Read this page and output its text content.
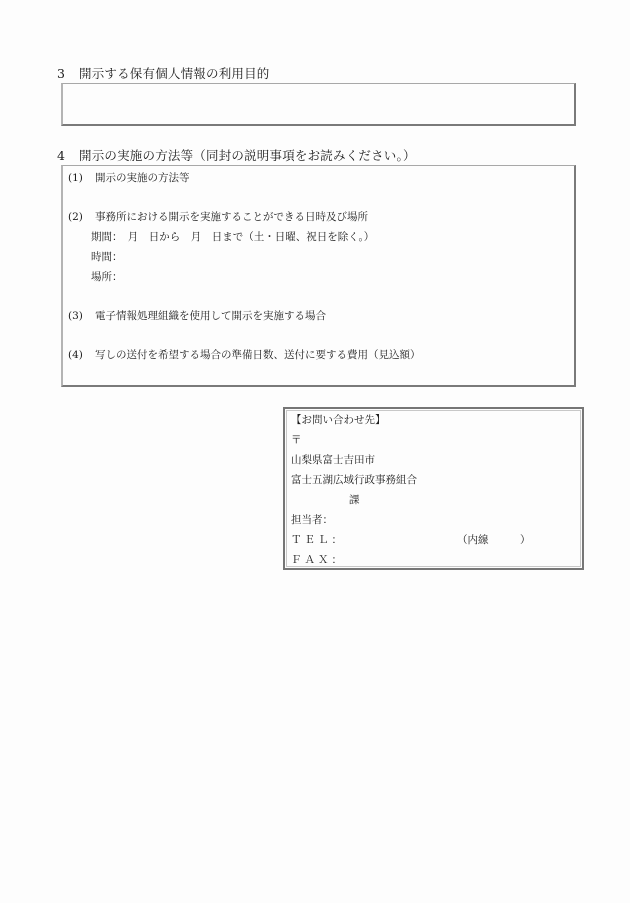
3 開示する保有個人情報の利用目的
4 開示の実施の方法等（同封の説明事項をお読みください。）
(1) 開示の実施の方法等
(2) 事務所における開示を実施することができる日時及び場所
期間：　月　日から　月　日まで（土・日曜、祝日を除く。）
時間：
場所：
(3) 電子情報処理組織を使用して開示を実施する場合
(4) 写しの送付を希望する場合の準備日数、送付に要する費用（見込額）
【お問い合わせ先】
〒
山梨県富士吉田市
富士五湖広域行政事務組合
課
担当者：
ＴＥＬ：	（内線　　　）
ＦＡＸ：
